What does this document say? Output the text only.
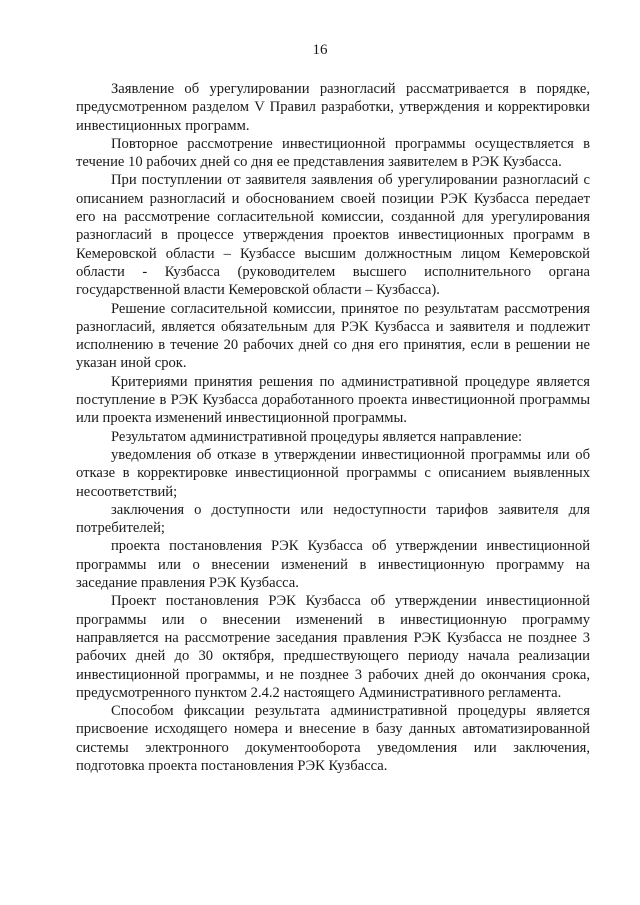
16

Заявление об урегулировании разногласий рассматривается в порядке, предусмотренном разделом V Правил разработки, утверждения и корректировки инвестиционных программ.

Повторное рассмотрение инвестиционной программы осуществляется в течение 10 рабочих дней со дня ее представления заявителем в РЭК Кузбасса.

При поступлении от заявителя заявления об урегулировании разногласий с описанием разногласий и обоснованием своей позиции РЭК Кузбасса передает его на рассмотрение согласительной комиссии, созданной для урегулирования разногласий в процессе утверждения проектов инвестиционных программ в Кемеровской области – Кузбассе высшим должностным лицом Кемеровской области - Кузбасса (руководителем высшего исполнительного органа государственной власти Кемеровской области – Кузбасса).

Решение согласительной комиссии, принятое по результатам рассмотрения разногласий, является обязательным для РЭК Кузбасса и заявителя и подлежит исполнению в течение 20 рабочих дней со дня его принятия, если в решении не указан иной срок.

Критериями принятия решения по административной процедуре является поступление в РЭК Кузбасса доработанного проекта инвестиционной программы или проекта изменений инвестиционной программы.

Результатом административной процедуры является направление:

уведомления об отказе в утверждении инвестиционной программы или об отказе в корректировке инвестиционной программы с описанием выявленных несоответствий;

заключения о доступности или недоступности тарифов заявителя для потребителей;

проекта постановления РЭК Кузбасса об утверждении инвестиционной программы или о внесении изменений в инвестиционную программу на заседание правления РЭК Кузбасса.

Проект постановления РЭК Кузбасса об утверждении инвестиционной программы или о внесении изменений в инвестиционную программу направляется на рассмотрение заседания правления РЭК Кузбасса не позднее 3 рабочих дней до 30 октября, предшествующего периоду начала реализации инвестиционной программы, и не позднее 3 рабочих дней до окончания срока, предусмотренного пунктом 2.4.2 настоящего Административного регламента.

Способом фиксации результата административной процедуры является присвоение исходящего номера и внесение в базу данных автоматизированной системы электронного документооборота уведомления или заключения, подготовка проекта постановления РЭК Кузбасса.
